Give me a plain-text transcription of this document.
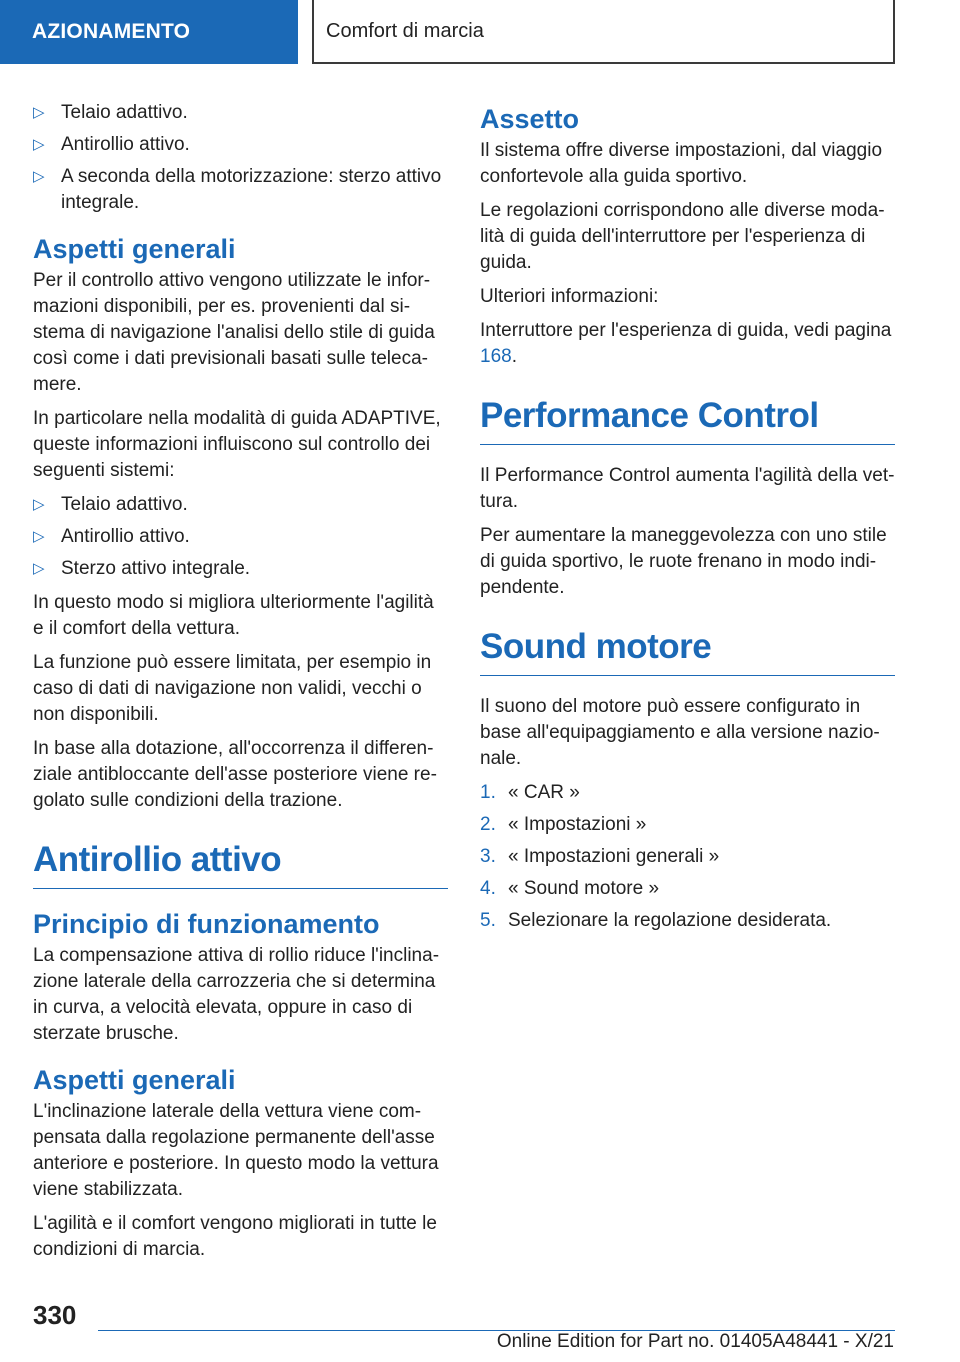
AZIONAMENTO	Comfort di marcia
▷ Telaio adattivo.
▷ Antirollio attivo.
▷ A seconda della motorizzazione: sterzo attivo integrale.
Aspetti generali

Per il controllo attivo vengono utilizzate le informazioni disponibili, per es. provenienti dal sistema di navigazione l'analisi dello stile di guida così come i dati previsionali basati sulle telecamere.

In particolare nella modalità di guida ADAPTIVE, queste informazioni influiscono sul controllo dei seguenti sistemi:

▷ Telaio adattivo.
▷ Antirollio attivo.
▷ Sterzo attivo integrale.

In questo modo si migliora ulteriormente l'agilità e il comfort della vettura.

La funzione può essere limitata, per esempio in caso di dati di navigazione non validi, vecchi o non disponibili.

In base alla dotazione, all'occorrenza il differenziale antibloccante dell'asse posteriore viene regolato sulle condizioni della trazione.

Antirollio attivo
Principio di funzionamento

La compensazione attiva di rollio riduce l'inclinazione laterale della carrozzeria che si determina in curva, a velocità elevata, oppure in caso di sterzate brusche.

Aspetti generali

L'inclinazione laterale della vettura viene compensata dalla regolazione permanente dell'asse anteriore e posteriore. In questo modo la vettura viene stabilizzata.

L'agilità e il comfort vengono migliorati in tutte le condizioni di marcia.

Assetto

Il sistema offre diverse impostazioni, dal viaggio confortevole alla guida sportivo.

Le regolazioni corrispondono alle diverse modalità di guida dell'interruttore per l'esperienza di guida.

Ulteriori informazioni:

Interruttore per l'esperienza di guida, vedi pagina 168.

Performance Control

Il Performance Control aumenta l'agilità della vettura.

Per aumentare la maneggevolezza con uno stile di guida sportivo, le ruote frenano in modo indipendente.

Sound motore

Il suono del motore può essere configurato in base all'equipaggiamento e alla versione nazionale.

1. « CAR »
2. « Impostazioni »
3. « Impostazioni generali »
4. « Sound motore »
5. Selezionare la regolazione desiderata.
330
Online Edition for Part no. 01405A48441 - X/21
